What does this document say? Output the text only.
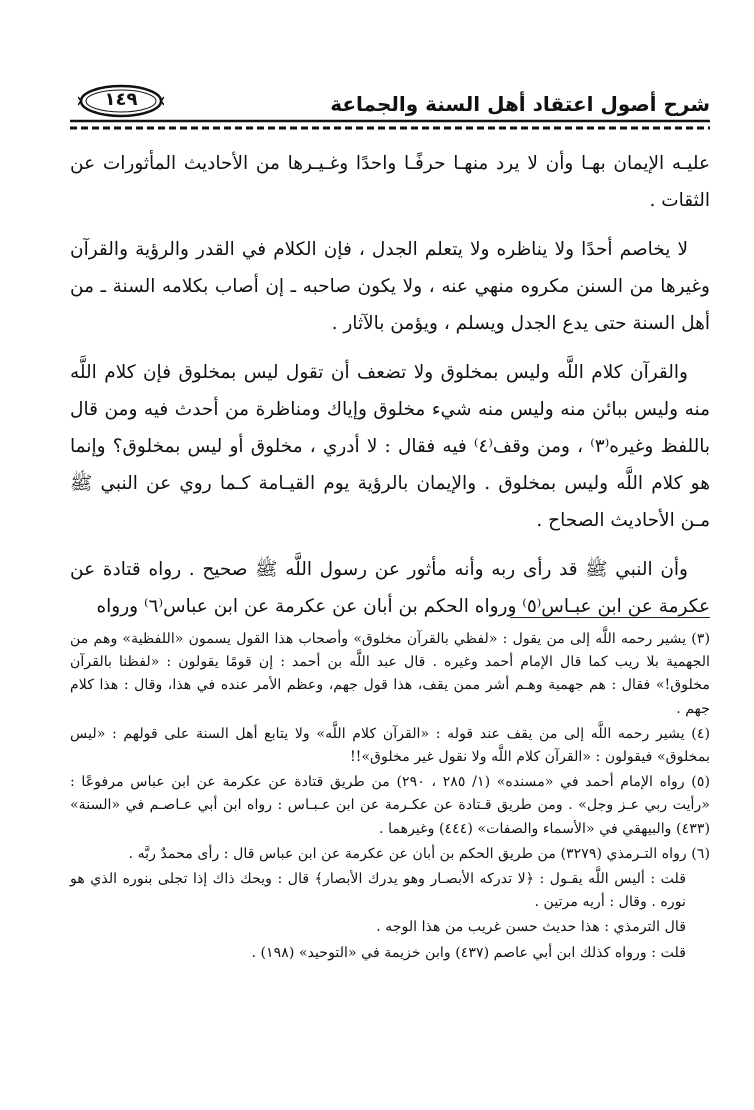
شرح أصول اعتقاد أهل السنة والجماعة
١٤٩

عليـه الإيمان بهـا وأن لا يرد منهـا حرفًـا واحدًا وغـيـرها من الأحاديث المأثورات عن الثقات .

لا يخاصم أحدًا ولا يناظره ولا يتعلم الجدل ، فإن الكلام في القدر والرؤية والقرآن وغيرها من السنن مكروه منهي عنه ، ولا يكون صاحبه ـ إن أصاب بكلامه السنة ـ من أهل السنة حتى يدع الجدل ويسلم ، ويؤمن بالآثار .

والقرآن كلام اللَّه وليس بمخلوق ولا تضعف أن تقول ليس بمخلوق فإن كلام اللَّه منه وليس ببائن منه وليس منه شيء مخلوق وإياك ومناظرة من أحدث فيه ومن قال باللفظ وغيره⁽٣⁾ ، ومن وقف⁽٤⁾ فيه فقال : لا أدري ، مخلوق أو ليس بمخلوق؟ وإنما هو كلام اللَّه وليس بمخلوق . والإيمان بالرؤية يوم القيـامة كـما روي عن النبي ﷺ مـن الأحاديث الصحاح .

وأن النبي ﷺ قد رأى ربه وأنه مأثور عن رسول اللَّه ﷺ صحيح . رواه قتادة عن عكرمة عن ابن عبـاس⁽٥⁾ ورواه الحكم بن أبان عن عكرمة عن ابن عباس⁽٦⁾ ورواه

(٣) يشير رحمه اللَّه إلى من يقول : «لفظي بالقرآن مخلوق» وأصحاب هذا القول يسمون «اللفظية» وهم من الجهمية بلا ريب كما قال الإمام أحمد وغيره . قال عبد اللَّه بن أحمد : إن قومًا يقولون : «لفظنا بالقرآن مخلوق!» فقال : هم جهمية وهـم أشر ممن يقف، هذا قول جهم، وعظم الأمر عنده في هذا، وقال : هذا كلام جهم .

(٤) يشير رحمه اللَّه إلى من يقف عند قوله : «القرآن كلام اللَّه» ولا يتابع أهل السنة على قولهم : «ليس بمخلوق» فيقولون : «القرآن كلام اللَّه ولا نقول غير مخلوق»!!

(٥) رواه الإمام أحمد في «مسنده» (١/ ٢٨٥ ، ٢٩٠) من طريق قتادة عن عكرمة عن ابن عباس مرفوعًا : «رأيت ربي عـز وجل» . ومن طريق قـتادة عن عكـرمة عن ابن عـبـاس : رواه ابن أبي عـاصـم في «السنة» (٤٣٣) والبيهقي في «الأسماء والصفات» (٤٤٤) وغيرهما .

(٦) رواه التـرمذي (٣٢٧٩) من طريق الحكم بن أبان عن عكرمة عن ابن عباس قال : رأى محمدٌ ربَّه .

قلت : أليس اللَّه يقـول : ﴿لا تدركه الأبصـار وهو يدرك الأبصار﴾ قال : ويحك ذاك إذا تجلى بنوره الذي هو نوره . وقال : أريه مرتين .

قال الترمذي : هذا حديث حسن غريب من هذا الوجه .

قلت : ورواه كذلك ابن أبي عاصم (٤٣٧) وابن خزيمة في «التوحيد» (١٩٨) .
